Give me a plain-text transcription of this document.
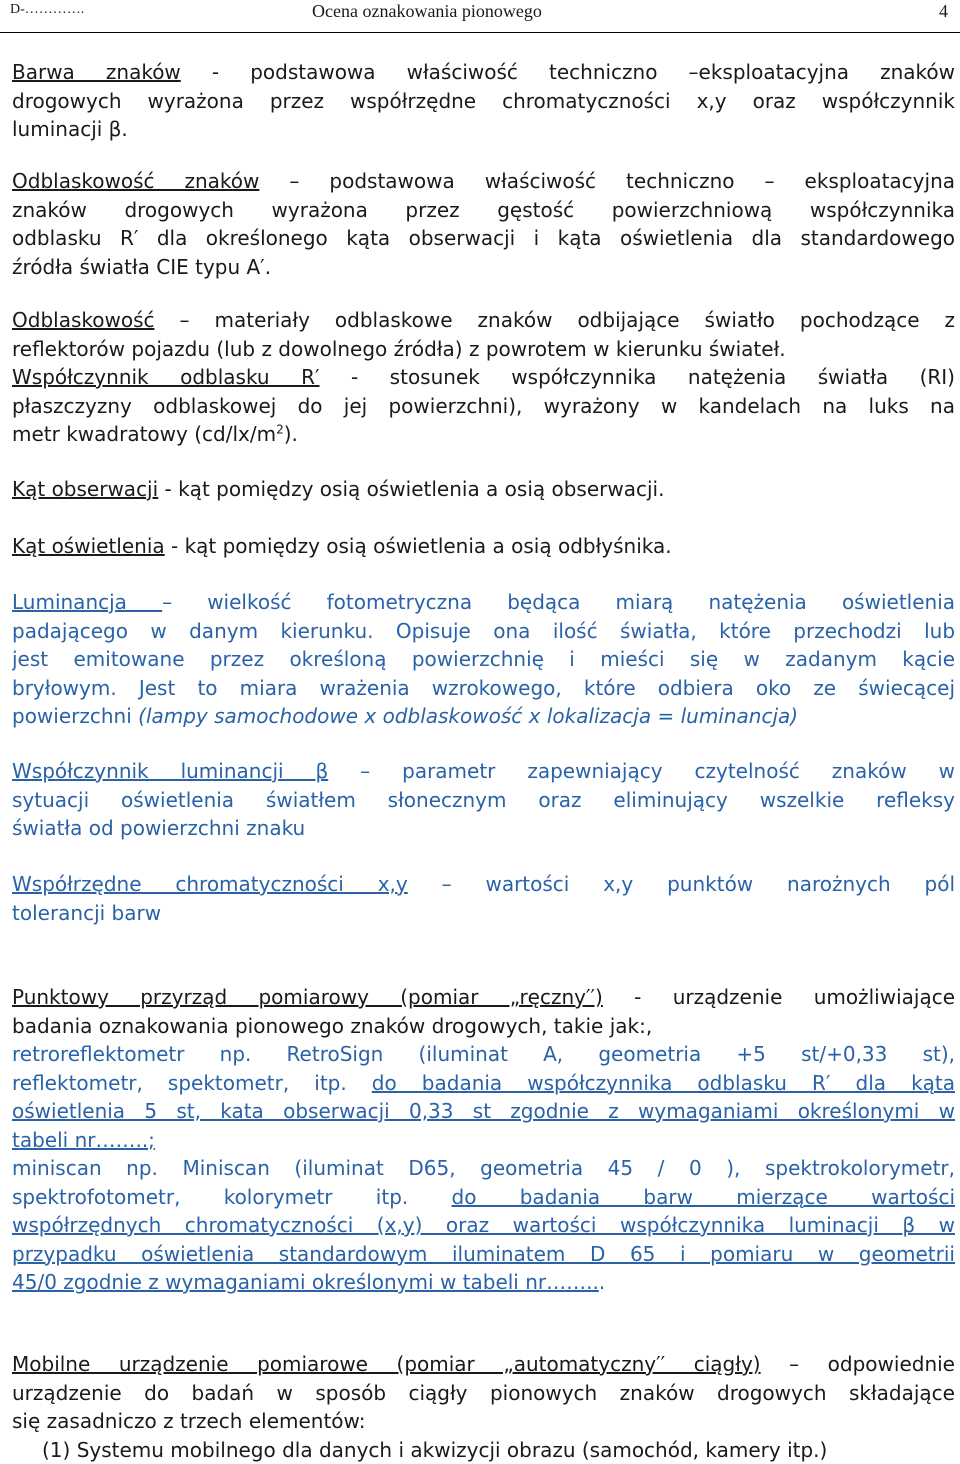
D-………….	Ocena oznakowania pionowego	4
Barwa znaków - podstawowa właściwość techniczno –eksploatacyjna znaków
drogowych wyrażona przez współrzędne chromatyczności x,y oraz współczynnik
luminacji β.
Odblaskowość znaków – podstawowa właściwość techniczno – eksploatacyjna
znaków drogowych wyrażona przez gęstość powierzchniową współczynnika
odblasku R′ dla określonego kąta obserwacji i kąta oświetlenia dla standardowego
źródła światła CIE typu A′.
Odblaskowość – materiały odblaskowe znaków odbijające światło pochodzące z
reflektorów pojazdu (lub z dowolnego źródła) z powrotem w kierunku świateł.
Współczynnik odblasku R′ - stosunek współczynnika natężenia światła (RI)
płaszczyzny odblaskowej do jej powierzchni), wyrażony w kandelach na luks na
metr kwadratowy $(cd/lx/m^2)$.
Kąt obserwacji - kąt pomiędzy osią oświetlenia a osią obserwacji.
Kąt oświetlenia - kąt pomiędzy osią oświetlenia a osią odbłyśnika.
Luminancja – wielkość fotometryczna będąca miarą natężenia oświetlenia
padającego w danym kierunku. Opisuje ona ilość światła, które przechodzi lub
jest emitowane przez określoną powierzchnię i mieści się w zadanym kącie
bryłowym. Jest to miara wrażenia wzrokowego, które odbiera oko ze świecącej
powierzchni (lampy samochodowe x odblaskowość x lokalizacja = luminancja)
Współczynnik luminancji β – parametr zapewniający czytelność znaków w
sytuacji oświetlenia światłem słonecznym oraz eliminujący wszelkie refleksy
światła od powierzchni znaku
Współrzędne chromatyczności x,y – wartości x,y punktów narożnych pól
tolerancji barw
Punktowy przyrząd pomiarowy (pomiar „ręczny′′) - urządzenie umożliwiające
badania oznakowania pionowego znaków drogowych, takie jak:,
retroreflektometr np. RetroSign (iluminat A, geometria +5 st/+0,33 st),
reflektometr, spektometr, itp. do badania współczynnika odblasku R′ dla kąta
oświetlenia 5 st, kata obserwacji 0,33 st zgodnie z wymaganiami określonymi w
tabeli nr……..;
miniscan np. Miniscan (iluminat D65, geometria 45 / 0 ), spektrokolorymetr,
spektrofotometr, kolorymetr itp. do badania barw mierzące wartości
współrzędnych chromatyczności (x,y) oraz wartości współczynnika luminacji β w
przypadku oświetlenia standardowym iluminatem D 65 i pomiaru w geometrii
45/0 zgodnie z wymaganiami określonymi w tabeli nr……...
Mobilne urządzenie pomiarowe (pomiar „automatyczny′′ ciągły) – odpowiednie
urządzenie do badań w sposób ciągły pionowych znaków drogowych składające
się zasadniczo z trzech elementów:
(1) Systemu mobilnego dla danych i akwizycji obrazu (samochód, kamery itp.)
